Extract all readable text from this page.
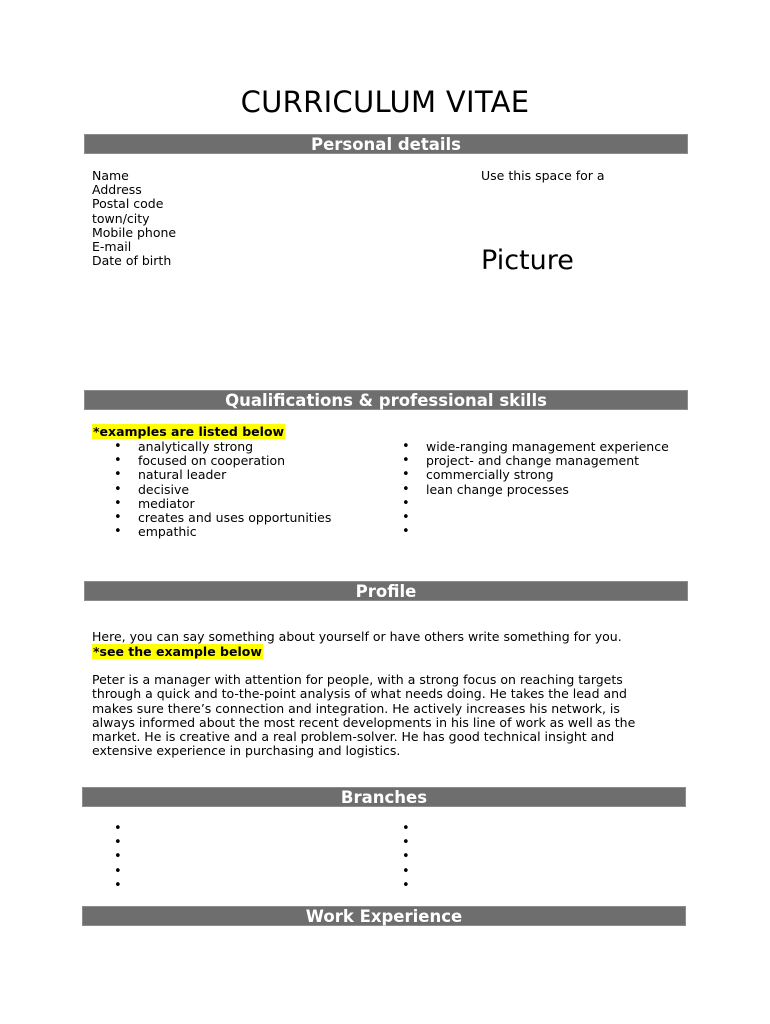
CURRICULUM VITAE
Personal details
Name
Address
Postal code
town/city
Mobile phone
E-mail
Date of birth
Use this space for a
Picture
Qualifications & professional skills
*examples are listed below
• analytically strong
• focused on cooperation
• natural leader
• decisive
• mediator
• creates and uses opportunities
• empathic
• wide-ranging management experience
• project- and change management
• commercially strong
• lean change processes
•
•
•
Profile
Here, you can say something about yourself or have others write something for you.
*see the example below
Peter is a manager with attention for people, with a strong focus on reaching targets
through a quick and to-the-point analysis of what needs doing. He takes the lead and
makes sure there’s connection and integration. He actively increases his network, is
always informed about the most recent developments in his line of work as well as the
market. He is creative and a real problem-solver. He has good technical insight and
extensive experience in purchasing and logistics.
Branches
•
•
•
•
•
•
•
•
•
•
Work Experience
